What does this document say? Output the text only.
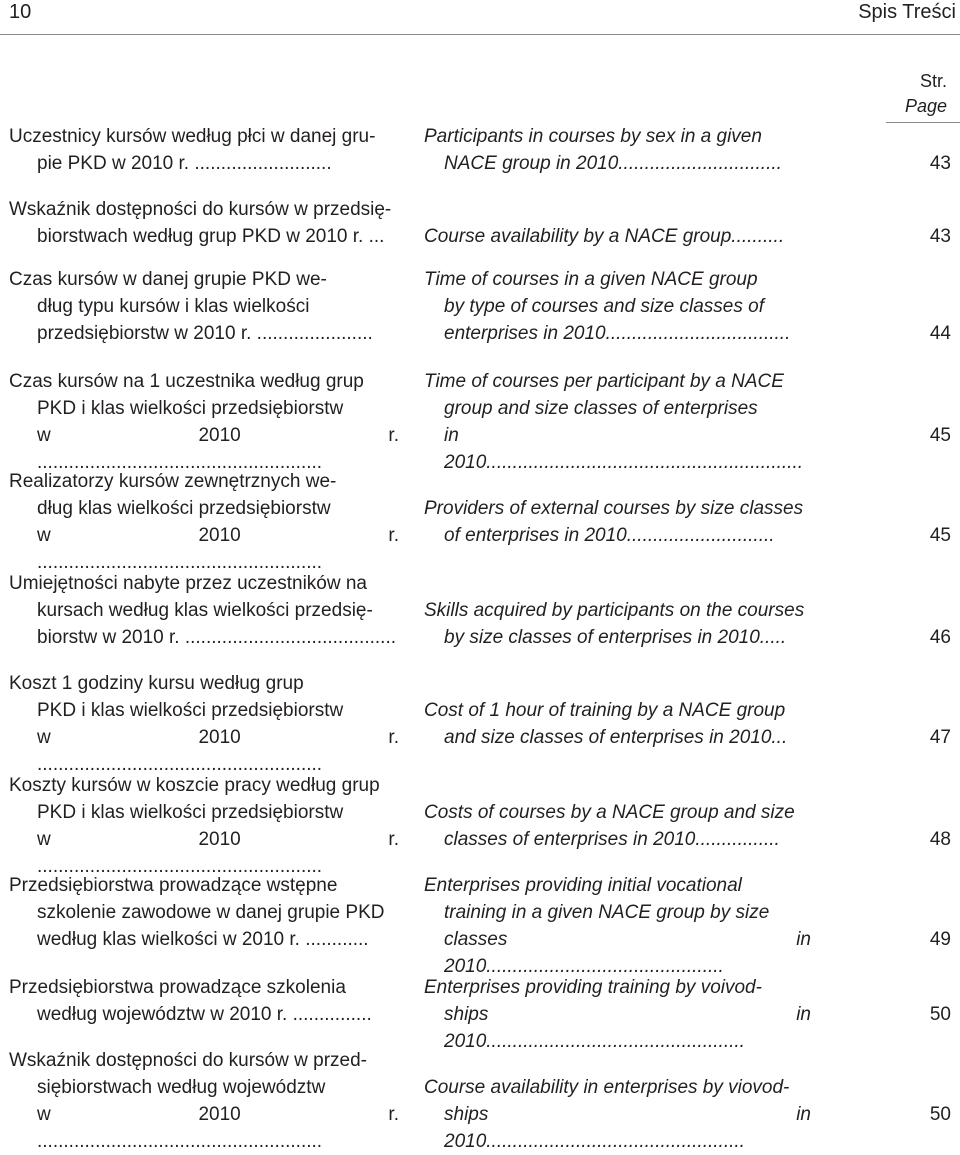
10	Spis Treści
Str.
Page
Uczestnicy kursów według płci w danej gru-
pie PKD w 2010 r. ..........................
Participants in courses by sex in a given
NACE group in 2010...............................	43
Wskaźnik dostępności do kursów w przedsię-
biorstwach według grup PKD w 2010 r. ...	Course availability by a NACE group..........	43
Czas kursów w danej grupie PKD we-
dług typu kursów i klas wielkości
przedsiębiorstw w 2010 r. ......................
Time of courses in a given NACE group
by type of courses and size classes of
enterprises in 2010...................................	44
Czas kursów na 1 uczestnika według grup
PKD i klas wielkości przedsiębiorstw
w 2010 r. ......................................................
Time of courses per participant by a NACE
group and size classes of enterprises
in 2010............................................................
45
Realizatorzy kursów zewnętrznych we-
dług klas wielkości przedsiębiorstw
w 2010 r. ......................................................
Providers of external courses by size classes
of enterprises in 2010............................	45
Umiejętności nabyte przez uczestników na
kursach według klas wielkości przedsię-
biorstw w 2010 r. ........................................
Skills acquired by participants on the courses
by size classes of enterprises in 2010.....	46
Koszt 1 godziny kursu według grup
PKD i klas wielkości przedsiębiorstw
w 2010 r. ......................................................
Cost of 1 hour of training by a NACE group
and size classes of enterprises in 2010...	47
Koszty kursów w koszcie pracy według grup
PKD i klas wielkości przedsiębiorstw
w 2010 r. ......................................................
Costs of courses by a NACE group and size
classes of enterprises in 2010................	48
Przedsiębiorstwa prowadzące wstępne
szkolenie zawodowe w danej grupie PKD
według klas wielkości w 2010 r. ............
Enterprises providing initial vocational
training in a given NACE group by size
classes in 2010.............................................
49
Przedsiębiorstwa prowadzące szkolenia
według województw w 2010 r. ...............
Enterprises providing training by voivod-
ships in 2010.................................................
50
Wskaźnik dostępności do kursów w przed-
siębiorstwach według województw
w 2010 r. ......................................................
Course availability in enterprises by viovod-
ships in 2010.................................................
50
